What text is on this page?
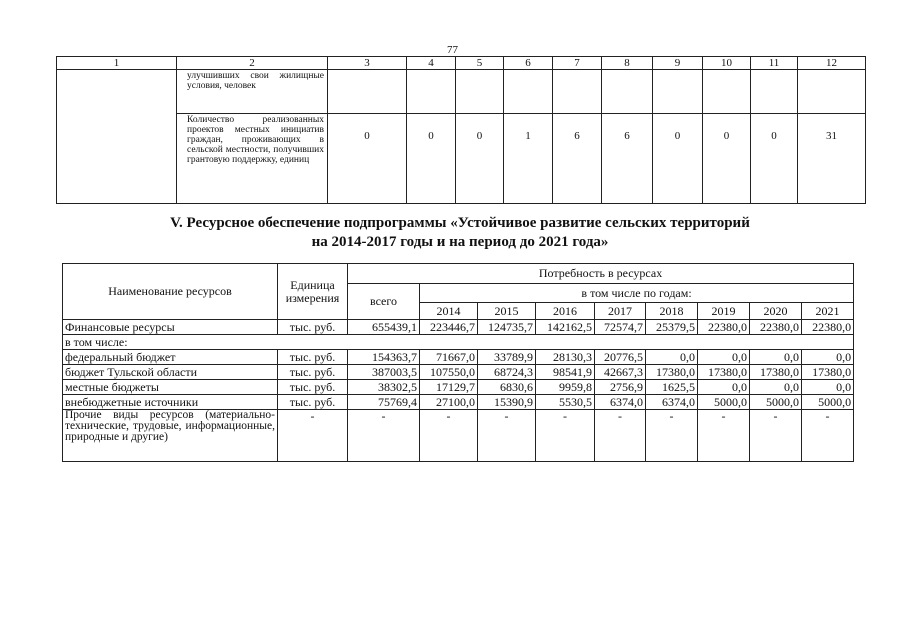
77
1	2	3	4	5	6	7	8	9	10	11	12
	улучшивших свои жилищные условия, человек										
	Количество реализованных проектов местных инициатив граждан, проживающих в сельской местности, получивших грантовую поддержку, единиц	0	0	0	1	6	6	0	0	0	31
V. Ресурсное обеспечение подпрограммы «Устойчивое развитие сельских территорий
на 2014-2017 годы и на период до 2021 года»
Наименование ресурсов	Единица измерения	Потребность в ресурсах								
		всего	в том числе по годам:							
			2014	2015	2016	2017	2018	2019	2020	2021
Финансовые ресурсы	тыс. руб.	655439,1	223446,7	124735,7	142162,5	72574,7	25379,5	22380,0	22380,0	22380,0
в том числе:										
федеральный бюджет	тыс. руб.	154363,7	71667,0	33789,9	28130,3	20776,5	0,0	0,0	0,0	0,0
бюджет Тульской области	тыс. руб.	387003,5	107550,0	68724,3	98541,9	42667,3	17380,0	17380,0	17380,0	17380,0
местные бюджеты	тыс. руб.	38302,5	17129,7	6830,6	9959,8	2756,9	1625,5	0,0	0,0	0,0
внебюджетные источники	тыс. руб.	75769,4	27100,0	15390,9	5530,5	6374,0	6374,0	5000,0	5000,0	5000,0
Прочие виды ресурсов (материально-технические, трудовые, информационные, природные и другие)	-	-	-	-	-	-	-	-	-	-
